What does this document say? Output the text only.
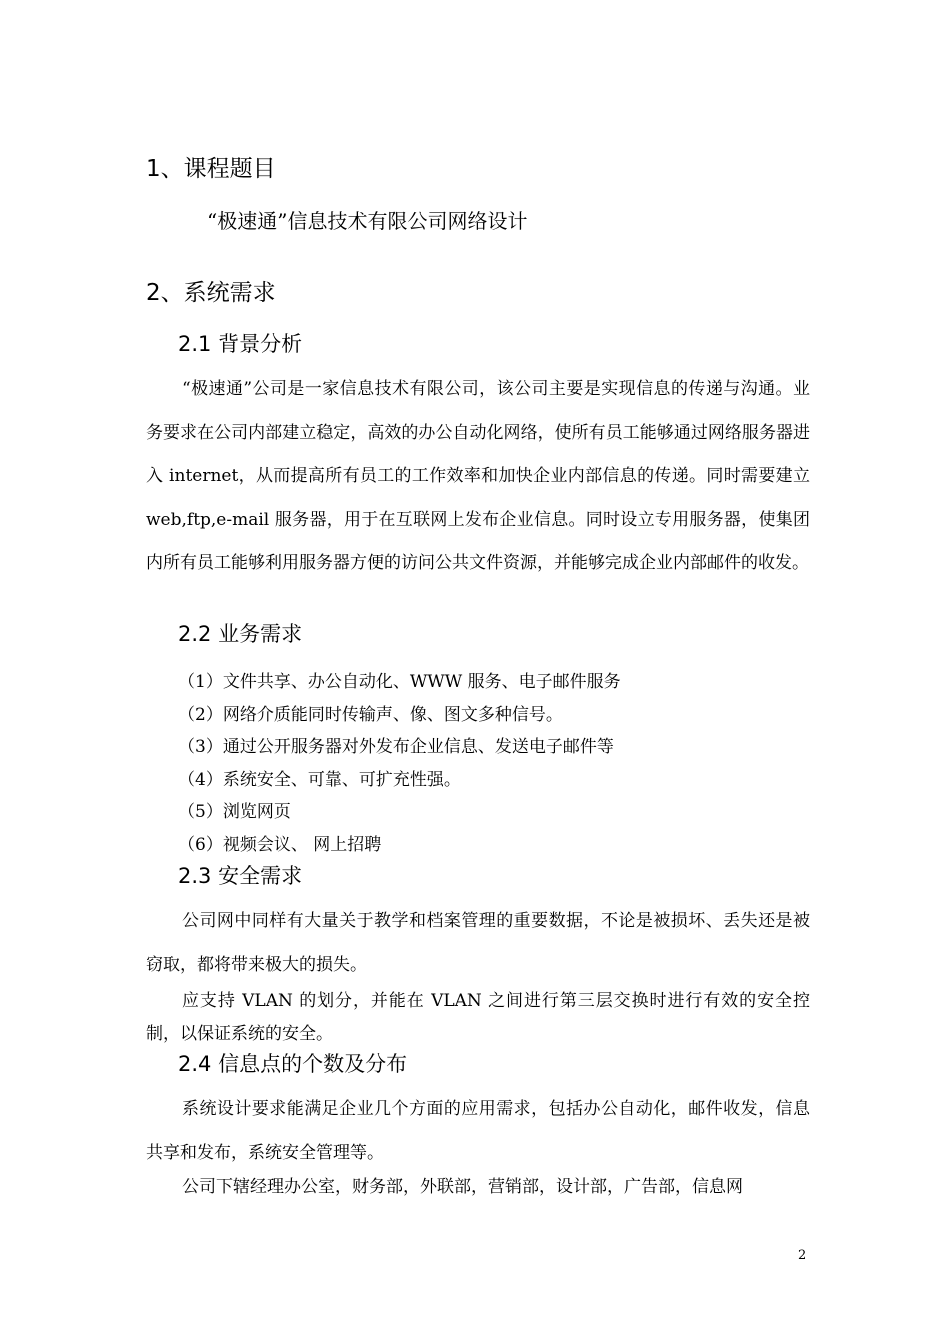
1、课程题目
“极速通”信息技术有限公司网络设计
2、系统需求
2.1 背景分析
“极速通”公司是一家信息技术有限公司，该公司主要是实现信息的传递与沟通。业务要求在公司内部建立稳定，高效的办公自动化网络，使所有员工能够通过网络服务器进入 internet，从而提高所有员工的工作效率和加快企业内部信息的传递。同时需要建立 web,ftp,e-mail 服务器，用于在互联网上发布企业信息。同时设立专用服务器，使集团内所有员工能够利用服务器方便的访问公共文件资源，并能够完成企业内部邮件的收发。
2.2 业务需求
（1）文件共享、办公自动化、WWW 服务、电子邮件服务
（2）网络介质能同时传输声、像、图文多种信号。
（3）通过公开服务器对外发布企业信息、发送电子邮件等
（4）系统安全、可靠、可扩充性强。
（5）浏览网页
（6）视频会议、 网上招聘
2.3 安全需求
公司网中同样有大量关于教学和档案管理的重要数据，不论是被损坏、丢失还是被窃取，都将带来极大的损失。
应支持 VLAN 的划分，并能在 VLAN 之间进行第三层交换时进行有效的安全控制，以保证系统的安全。
2.4 信息点的个数及分布
系统设计要求能满足企业几个方面的应用需求，包括办公自动化，邮件收发，信息共享和发布，系统安全管理等。
公司下辖经理办公室，财务部，外联部，营销部，设计部，广告部，信息网
2
